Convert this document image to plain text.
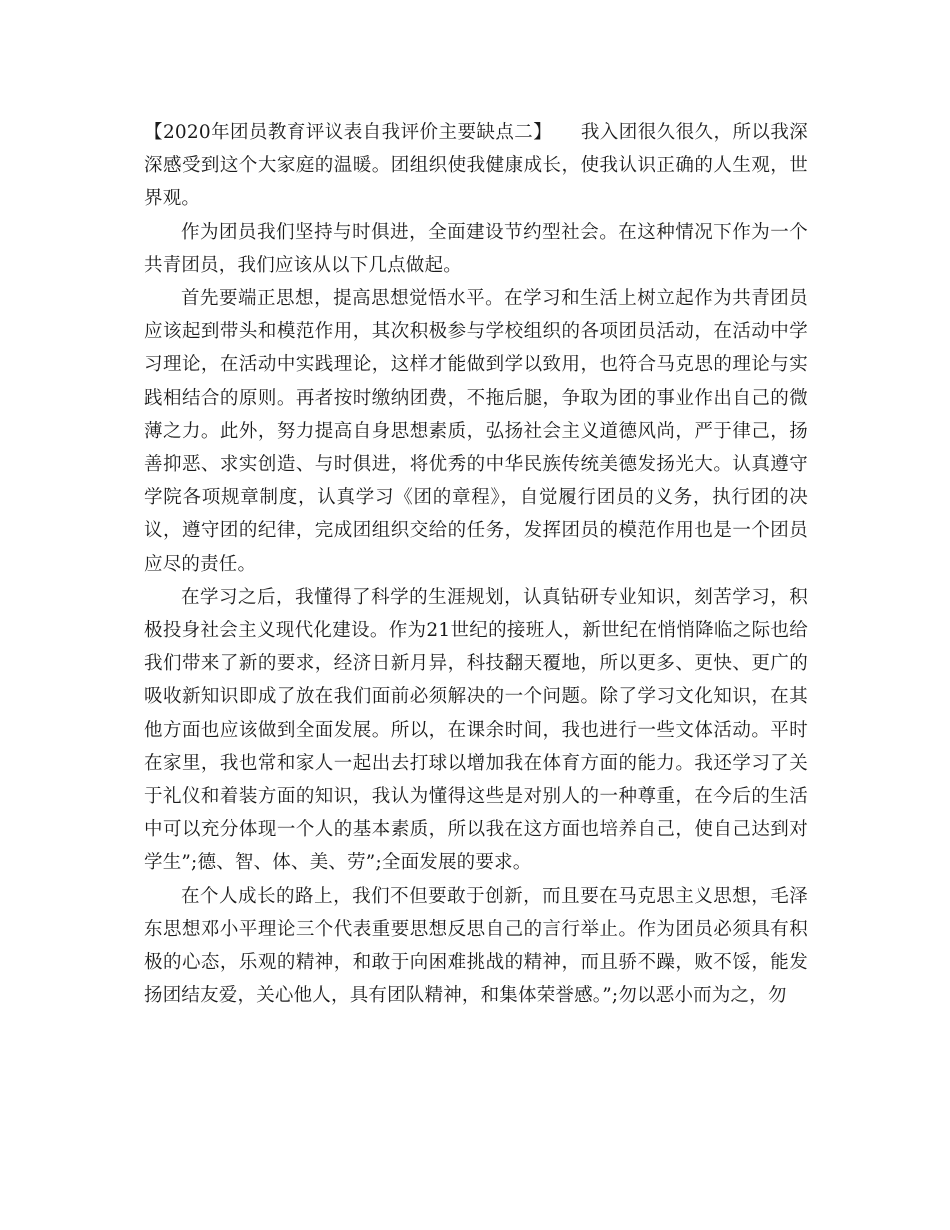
【2020年团员教育评议表自我评价主要缺点二】　　我入团很久很久，所以我深深感受到这个大家庭的温暖。团组织使我健康成长，使我认识正确的人生观，世界观。

作为团员我们坚持与时俱进，全面建设节约型社会。在这种情况下作为一个共青团员，我们应该从以下几点做起。

首先要端正思想，提高思想觉悟水平。在学习和生活上树立起作为共青团员应该起到带头和模范作用，其次积极参与学校组织的各项团员活动，在活动中学习理论，在活动中实践理论，这样才能做到学以致用，也符合马克思的理论与实践相结合的原则。再者按时缴纳团费，不拖后腿，争取为团的事业作出自己的微薄之力。此外，努力提高自身思想素质，弘扬社会主义道德风尚，严于律己，扬善抑恶、求实创造、与时俱进，将优秀的中华民族传统美德发扬光大。认真遵守学院各项规章制度，认真学习《团的章程》，自觉履行团员的义务，执行团的决议，遵守团的纪律，完成团组织交给的任务，发挥团员的模范作用也是一个团员应尽的责任。

在学习之后，我懂得了科学的生涯规划，认真钻研专业知识，刻苦学习，积极投身社会主义现代化建设。作为21世纪的接班人，新世纪在悄悄降临之际也给我们带来了新的要求，经济日新月异，科技翻天覆地，所以更多、更快、更广的吸收新知识即成了放在我们面前必须解决的一个问题。除了学习文化知识，在其他方面也应该做到全面发展。所以，在课余时间，我也进行一些文体活动。平时在家里，我也常和家人一起出去打球以增加我在体育方面的能力。我还学习了关于礼仪和着装方面的知识，我认为懂得这些是对别人的一种尊重，在今后的生活中可以充分体现一个人的基本素质，所以我在这方面也培养自己，使自己达到对学生”;德、智、体、美、劳”;全面发展的要求。

在个人成长的路上，我们不但要敢于创新，而且要在马克思主义思想，毛泽东思想邓小平理论三个代表重要思想反思自己的言行举止。作为团员必须具有积极的心态，乐观的精神，和敢于向困难挑战的精神，而且骄不躁，败不馁，能发扬团结友爱，关心他人，具有团队精神，和集体荣誉感。”;勿以恶小而为之，勿
